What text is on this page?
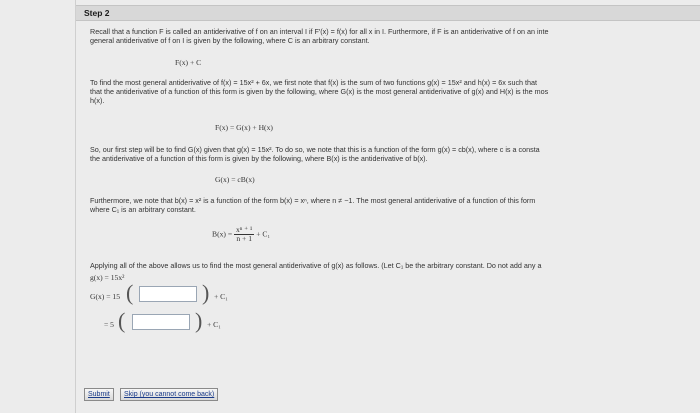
Step 2
Recall that a function F is called an antiderivative of f on an interval I if F′(x) = f(x) for all x in I. Furthermore, if F is an antiderivative of f on an inte
general antiderivative of f on I is given by the following, where C is an arbitrary constant.
F(x) + C
To find the most general antiderivative of f(x) = 15x² + 6x, we first note that f(x) is the sum of two functions g(x) = 15x² and h(x) = 6x such that
that the antiderivative of a function of this form is given by the following, where G(x) is the most general antiderivative of g(x) and H(x) is the mos
h(x).
F(x) = G(x) + H(x)
So, our first step will be to find G(x) given that g(x) = 15x². To do so, we note that this is a function of the form g(x) = cb(x), where c is a consta
the antiderivative of a function of this form is given by the following, where B(x) is the antiderivative of b(x).
G(x) = cB(x)
Furthermore, we note that b(x) = x² is a function of the form b(x) = xⁿ, where n ≠ −1. The most general antiderivative of a function of this form
where C₁ is an arbitrary constant.
$B(x) = \frac{\text{xⁿ ⁺ ¹}}{n + 1} + C_1$
Applying all of the above allows us to find the most general antiderivative of g(x) as follows. (Let C₁ be the arbitrary constant. Do not add any a
g(x) = 15x²
G(x) = 15 (	) + C₁
= 5 (	) + C₁
Submit	Skip (you cannot come back)
